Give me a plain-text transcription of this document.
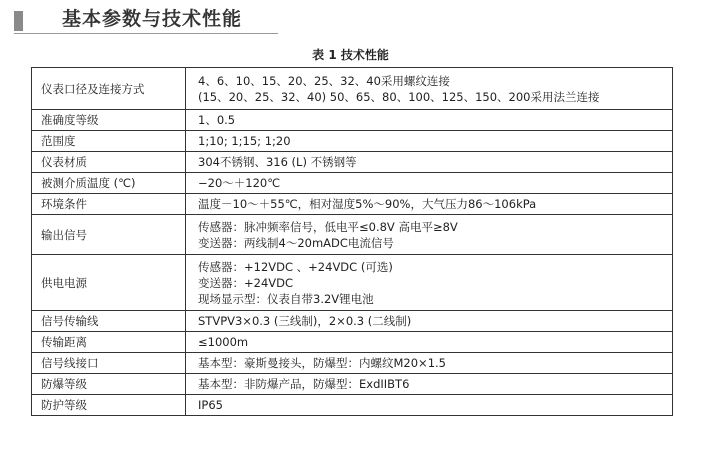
基本参数与技术性能
表 1 技术性能
仪表口径及连接方式	4、6、10、15、20、25、32、40采用螺纹连接
(15、20、25、32、40) 50、65、80、100、125、150、200采用法兰连接

准确度等级	1、0.5

范围度	1;10; 1;15; 1;20

仪表材质	304不锈钢、316 (L) 不锈钢等

被测介质温度 (℃)	−20～＋120℃

环境条件	温度－10～＋55℃，相对湿度5%～90%，大气压力86～106kPa

输出信号	传感器：脉冲频率信号，低电平≤0.8V 高电平≥8V
变送器：两线制4～20mADC电流信号

供电电源	传感器：+12VDC 、+24VDC (可选)
变送器：+24VDC
现场显示型：仪表自带3.2V锂电池

信号传输线	STVPV3×0.3 (三线制)，2×0.3 (二线制)

传输距离	≤1000m

信号线接口	基本型：豪斯曼接头，防爆型：内螺纹M20×1.5

防爆等级	基本型：非防爆产品，防爆型：ExdIIBT6

防护等级	IP65
